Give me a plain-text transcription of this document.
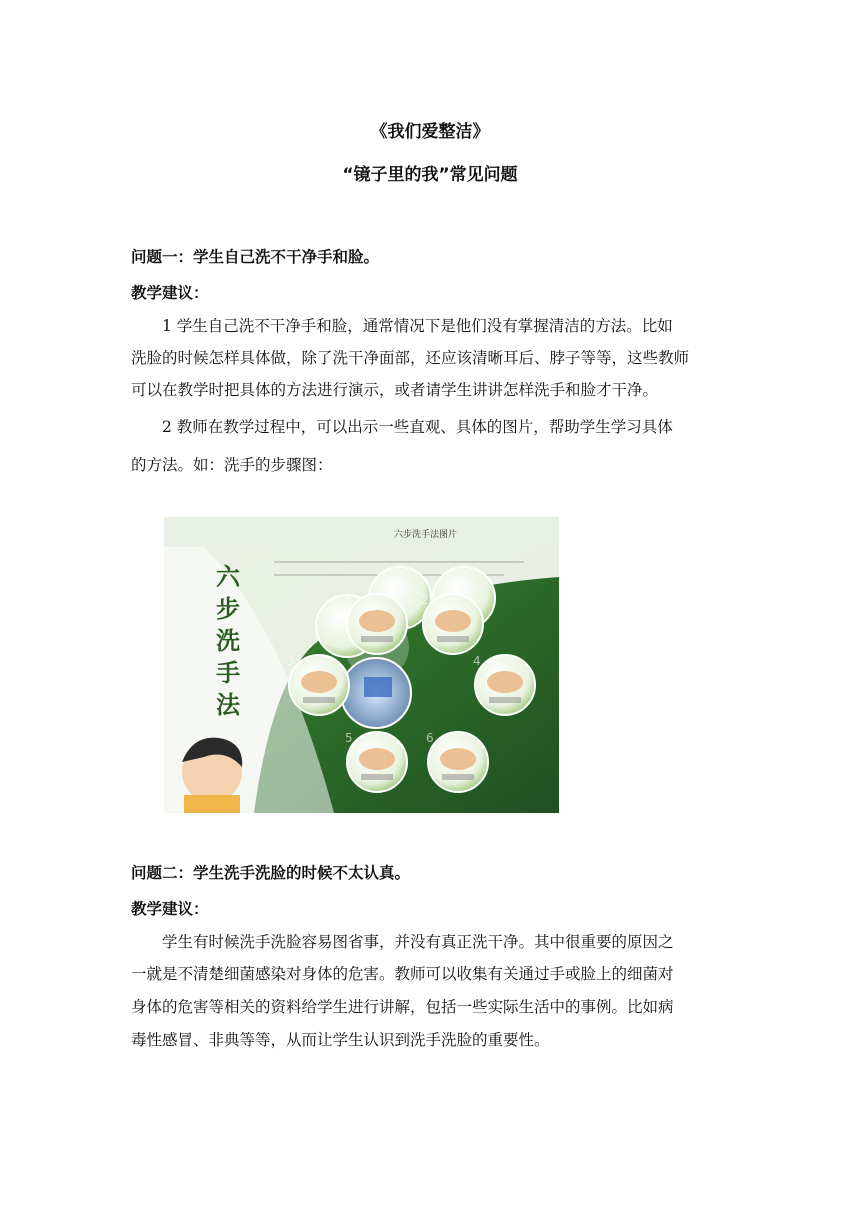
《我们爱整洁》
“镜子里的我”常见问题
问题一：学生自己洗不干净手和脸。
教学建议：
1 学生自己洗不干净手和脸，通常情况下是他们没有掌握清洁的方法。比如
洗脸的时候怎样具体做，除了洗干净面部，还应该清晰耳后、脖子等等，这些教师
可以在教学时把具体的方法进行演示，或者请学生讲讲怎样洗手和脸才干净。
2 教师在教学过程中，可以出示一些直观、具体的图片，帮助学生学习具体
的方法。如：洗手的步骤图：
六步洗手法图片
六
步
洗
手
法
1	2
3	4
5	6
问题二：学生洗手洗脸的时候不太认真。
教学建议：
学生有时候洗手洗脸容易图省事，并没有真正洗干净。其中很重要的原因之
一就是不清楚细菌感染对身体的危害。教师可以收集有关通过手或脸上的细菌对
身体的危害等相关的资料给学生进行讲解，包括一些实际生活中的事例。比如病
毒性感冒、非典等等，从而让学生认识到洗手洗脸的重要性。
